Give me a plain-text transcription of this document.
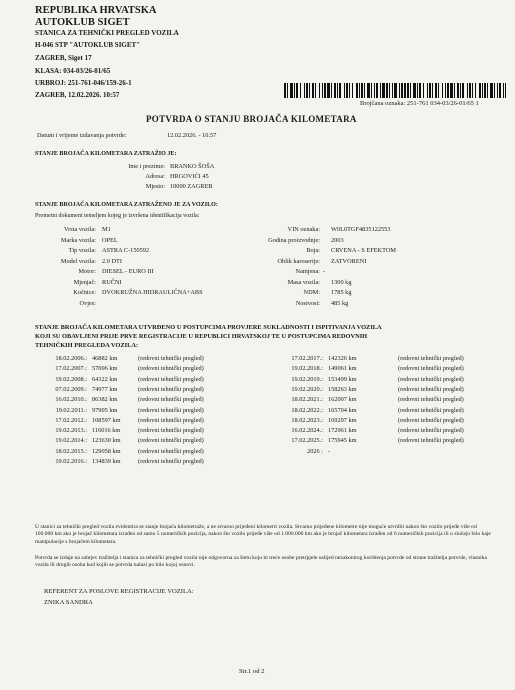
REPUBLIKA HRVATSKA
AUTOKLUB SIGET
STANICA ZA TEHNIČKI PREGLED VOZILA
H-046 STP "AUTOKLUB SIGET"
ZAGREB, Siget 17
KLASA: 034-03/26-01/65
URBROJ: 251-761-046/159-26-1
ZAGREB, 12.02.2026. 10:57
Brojčana oznaka: 251-761 034-03/26-01/65 1
POTVRDA O STANJU BROJAČA KILOMETARA
Datum i vrijeme izdavanja potvrde:	12.02.2026. - 10.57
STANJE BROJAČA KILOMETARA ZATRAŽIO JE:
Ime i prezime: BRANKO ŠOŠA
Adresa: HRGOVIĆI 45
Mjesto: 10000 ZAGREB
STANJE BROJAČA KILOMETARA ZATRAŽENO JE ZA VOZILO:
Prometni dokument temeljem kojeg je izvršena identifikacija vozila:
Vrsta vozila: M1
Marka vozila: OPEL
Tip vozila: ASTRA C-150592
Model vozila: 2.0 DTI
Motor: DIESEL - EURO III
Mjenjač: RUČNI
Kočnice: DVOKRUŽNA HIDRAULIČNA+ABS
Ovjes:
VIN oznaka: W0L0TGF4835122553
Godina proizvodnje: 2003
Boja: CRVENA - S EFEKTOM
Oblik karoserije: ZATVORENI
Namjena: -
Masa vozila: 1300 kg
NDM: 1785 kg
Nosivost: 485 kg
STANJE BROJAČA KILOMETARA UTVRĐENO U POSTUPCIMA PROVJERE SUKLADNOSTI I ISPITIVANJA VOZILA
KOJI SU OBAVLJENI PRIJE PRVE REGISTRACIJE U REPUBLICI HRVATSKOJ TE U POSTUPCIMA REDOVNIH
TEHNIČKIH PREGLEDA VOZILA:
18.02.2006.: 46882 km	(redovni tehnički pregled)
17.02.2007.: 57006 km	(redovni tehnički pregled)
19.02.2008.: 64322 km	(redovni tehnički pregled)
07.02.2009.: 74977 km	(redovni tehnički pregled)
16.02.2010.: 86382 km	(redovni tehnički pregled)
19.02.2011.: 97905 km	(redovni tehnički pregled)
17.02.2012.: 108597 km	(redovni tehnički pregled)
19.02.2013.: 116016 km	(redovni tehnički pregled)
19.02.2014.: 123630 km	(redovni tehnički pregled)
18.02.2015.: 129058 km	(redovni tehnički pregled)
19.02.2016.: 134839 km	(redovni tehnički pregled)
17.02.2017.: 142326 km	(redovni tehnički pregled)
19.02.2018.: 149061 km	(redovni tehnički pregled)
19.02.2019.: 153499 km	(redovni tehnički pregled)
19.02.2020.: 158263 km	(redovni tehnički pregled)
18.02.2021.: 162007 km	(redovni tehnički pregled)
18.02.2022.: 165704 km	(redovni tehnički pregled)
18.02.2023.: 169297 km	(redovni tehnički pregled)
16.02.2024.: 172961 km	(redovni tehnički pregled)
17.02.2025.: 175945 km	(redovni tehnički pregled)
2026 : -
U stanici za tehnički pregled vozila evidentira se stanje brojača kilometraže, a ne stvarno prijeđeni kilometri vozila. Stvarno prijeđene kilometre nije moguće utvrditi nakon što vozilo prijeđe više od 100.000 km ako je brojač kilometara izrađen od samo 5 numeričkih pozicija, nakon što vozilo prijeđe više od 1.000.000 km ako je brojač kilometara izrađen od 6 numeričkih pozicija ili u slučaju bilo kaje manipulacije s brojačem kilometara.
Potvrda se izdaje na zahtjev tražitelja i stanica za tehnički pregled vozila nije odgovorna za štetu koju bi treće osobe pretrpjele uslijed nezakonitog korištenja potvrde od strane tražitelja potvrde, vlasnika vozila ili drugih osoba kod kojih se potvrda nalazi po bilo kojoj osnovi.
REFERENT ZA POSLOVE REGISTRACIJE VOZILA:
ZNIKA SANDRA
Str.1 od 2
